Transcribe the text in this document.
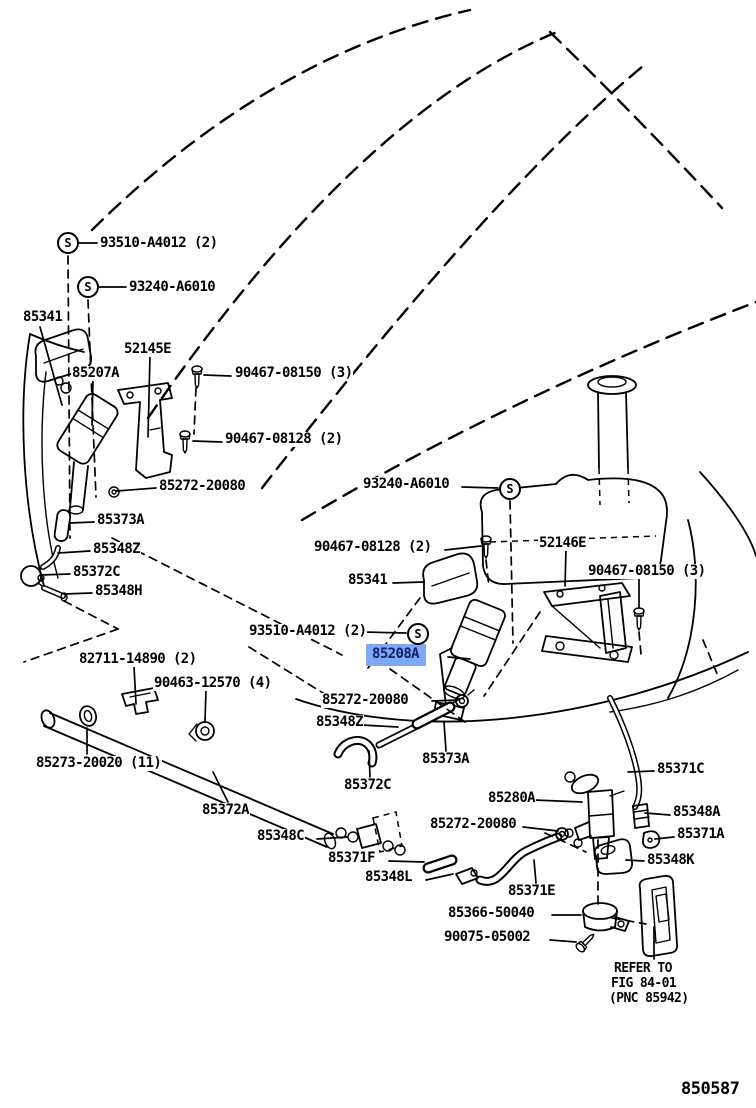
850587
93510-A4012 (2)
93240-A6010
85341
52145E
85207A	90467-08150 (3)
90467-08128 (2)
85272-20080
85373A
85348Z
85372C
85348H
93240-A6010
90467-08128 (2)	52146E
90467-08150 (3)
85341
93510-A4012 (2)
85208A
82711-14890 (2)
90463-12570 (4)
85272-20080
85348Z
85273-20020 (11)	85373A
85372C
85280A
85372A
85348C
85272-20080
85371F
85348L
85371C
85348A
85371A
85348K
85371E
85366-50040
90075-05002
S
S
S
S
REFER TO
FIG 84-01
(PNC 85942)
